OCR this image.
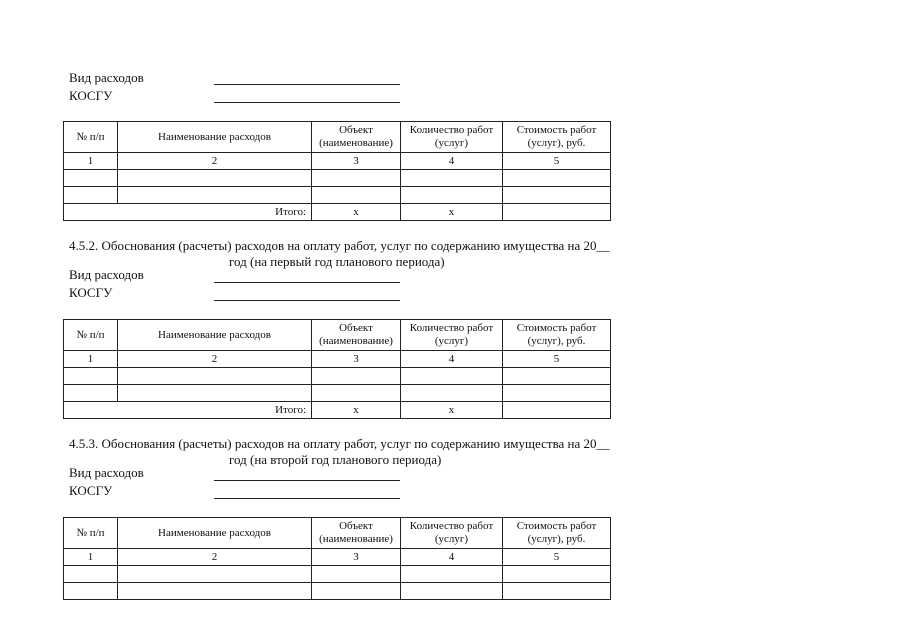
Вид расходов
КОСГУ
№ п/п	Наименование расходов	Объект (наименование)	Количество работ (услуг)	Стоимость работ (услуг), руб.
1	2	3	4	5

Итого:		x	x	
4.5.2. Обоснования (расчеты) расходов на оплату работ, услуг по содержанию имущества на 20__
год (на первый год планового периода)
Вид расходов
КОСГУ
№ п/п	Наименование расходов	Объект (наименование)	Количество работ (услуг)	Стоимость работ (услуг), руб.
1	2	3	4	5

Итого:		x	x	
4.5.3. Обоснования (расчеты) расходов на оплату работ, услуг по содержанию имущества на 20__
год (на второй год планового периода)
Вид расходов
КОСГУ
№ п/п	Наименование расходов	Объект (наименование)	Количество работ (услуг)	Стоимость работ (услуг), руб.
1	2	3	4	5
